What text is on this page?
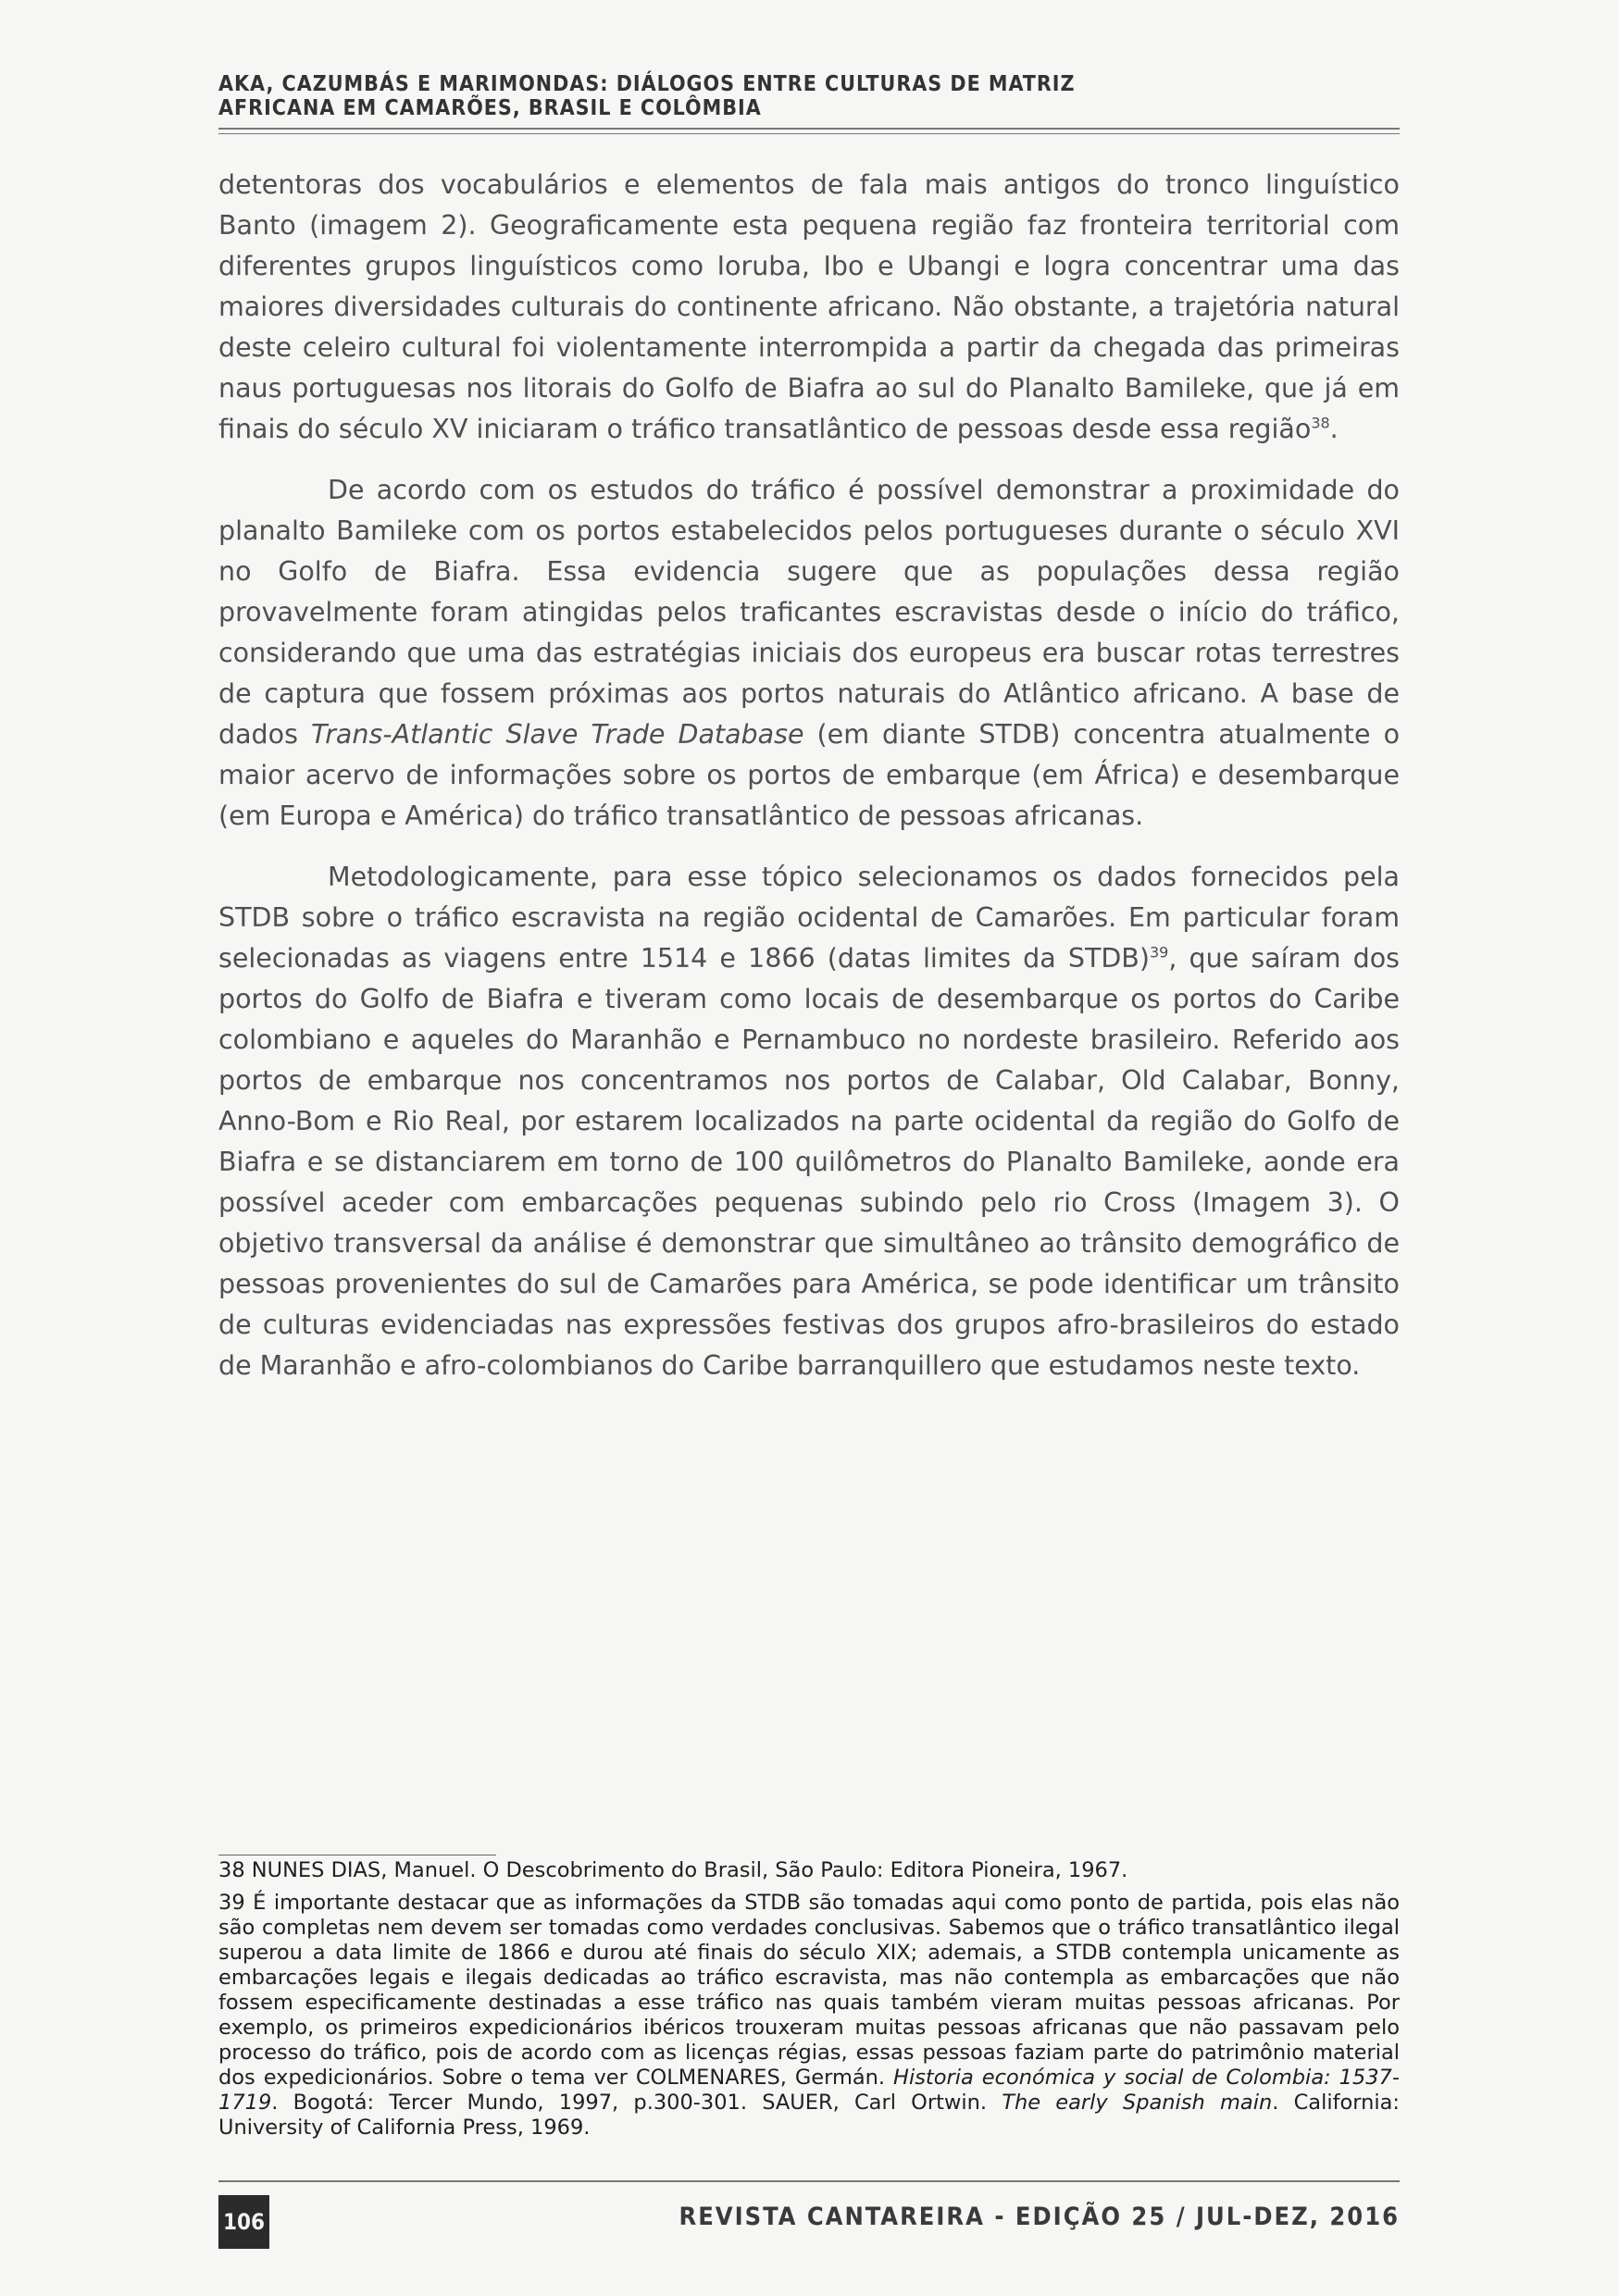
AKA, CAZUMBÁS E MARIMONDAS: DIÁLOGOS ENTRE CULTURAS DE MATRIZ AFRICANA EM CAMARÕES, BRASIL E COLÔMBIA

detentoras dos vocabulários e elementos de fala mais antigos do tronco linguístico Banto (imagem 2). Geograficamente esta pequena região faz fronteira territorial com diferentes grupos linguísticos como Ioruba, Ibo e Ubangi e logra concentrar uma das maiores diversidades culturais do continente africano. Não obstante, a trajetória natural deste celeiro cultural foi violentamente interrompida a partir da chegada das primeiras naus portuguesas nos litorais do Golfo de Biafra ao sul do Planalto Bamileke, que já em finais do século XV iniciaram o tráfico transatlântico de pessoas desde essa região$^{38}$.

De acordo com os estudos do tráfico é possível demonstrar a proximidade do planalto Bamileke com os portos estabelecidos pelos portugueses durante o século XVI no Golfo de Biafra. Essa evidencia sugere que as populações dessa região provavelmente foram atingidas pelos traficantes escravistas desde o início do tráfico, considerando que uma das estratégias iniciais dos europeus era buscar rotas terrestres de captura que fossem próximas aos portos naturais do Atlântico africano. A base de dados Trans-Atlantic Slave Trade Database (em diante STDB) concentra atualmente o maior acervo de informações sobre os portos de embarque (em África) e desembarque (em Europa e América) do tráfico transatlântico de pessoas africanas.

Metodologicamente, para esse tópico selecionamos os dados fornecidos pela STDB sobre o tráfico escravista na região ocidental de Camarões. Em particular foram selecionadas as viagens entre 1514 e 1866 (datas limites da STDB)$^{39}$, que saíram dos portos do Golfo de Biafra e tiveram como locais de desembarque os portos do Caribe colombiano e aqueles do Maranhão e Pernambuco no nordeste brasileiro. Referido aos portos de embarque nos concentramos nos portos de Calabar, Old Calabar, Bonny, Anno-Bom e Rio Real, por estarem localizados na parte ocidental da região do Golfo de Biafra e se distanciarem em torno de 100 quilômetros do Planalto Bamileke, aonde era possível aceder com embarcações pequenas subindo pelo rio Cross (Imagem 3). O objetivo transversal da análise é demonstrar que simultâneo ao trânsito demográfico de pessoas provenientes do sul de Camarões para América, se pode identificar um trânsito de culturas evidenciadas nas expressões festivas dos grupos afro-brasileiros do estado de Maranhão e afro-colombianos do Caribe barranquillero que estudamos neste texto.

38 NUNES DIAS, Manuel. O Descobrimento do Brasil, São Paulo: Editora Pioneira, 1967.

39 É importante destacar que as informações da STDB são tomadas aqui como ponto de partida, pois elas não são completas nem devem ser tomadas como verdades conclusivas. Sabemos que o tráfico transatlântico ilegal superou a data limite de 1866 e durou até finais do século XIX; ademais, a STDB contempla unicamente as embarcações legais e ilegais dedicadas ao tráfico escravista, mas não contempla as embarcações que não fossem especificamente destinadas a esse tráfico nas quais também vieram muitas pessoas africanas. Por exemplo, os primeiros expedicionários ibéricos trouxeram muitas pessoas africanas que não passavam pelo processo do tráfico, pois de acordo com as licenças régias, essas pessoas faziam parte do patrimônio material dos expedicionários. Sobre o tema ver COLMENARES, Germán. Historia económica y social de Colombia: 1537-1719. Bogotá: Tercer Mundo, 1997, p.300-301. SAUER, Carl Ortwin. The early Spanish main. California: University of California Press, 1969.

106	REVISTA CANTAREIRA - EDIÇÃO 25 / JUL-DEZ, 2016
